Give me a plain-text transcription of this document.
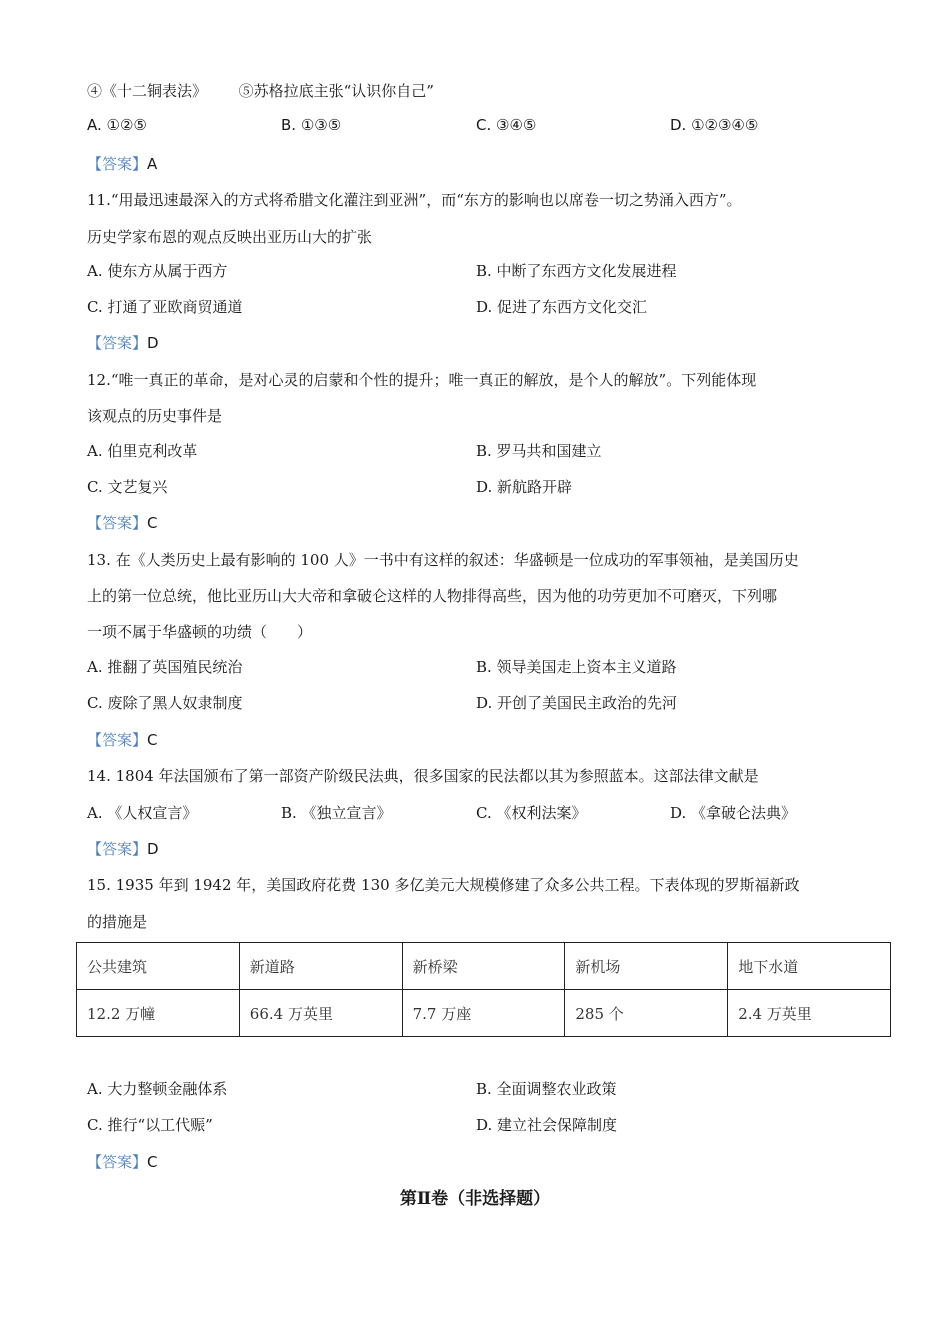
④《十二铜表法》 ⑤苏格拉底主张“认识你自己”
A. ①②⑤	B. ①③⑤	C. ③④⑤	D. ①②③④⑤
【答案】A
11.“用最迅速最深入的方式将希腊文化灌注到亚洲”，而“东方的影响也以席卷一切之势涌入西方”。
历史学家布恩的观点反映出亚历山大的扩张
A. 使东方从属于西方	B. 中断了东西方文化发展进程
C. 打通了亚欧商贸通道	D. 促进了东西方文化交汇
【答案】D
12.“唯一真正的革命，是对心灵的启蒙和个性的提升；唯一真正的解放，是个人的解放”。下列能体现
该观点的历史事件是
A. 伯里克利改革	B. 罗马共和国建立
C. 文艺复兴	D. 新航路开辟
【答案】C
13. 在《人类历史上最有影响的 100 人》一书中有这样的叙述：华盛顿是一位成功的军事领袖，是美国历史
上的第一位总统，他比亚历山大大帝和拿破仑这样的人物排得高些，因为他的功劳更加不可磨灭，下列哪
一项不属于华盛顿的功绩（　　）
A. 推翻了英国殖民统治	B. 领导美国走上资本主义道路
C. 废除了黑人奴隶制度	D. 开创了美国民主政治的先河
【答案】C
14. 1804 年法国颁布了第一部资产阶级民法典，很多国家的民法都以其为参照蓝本。这部法律文献是
A. 《人权宣言》	B. 《独立宣言》	C. 《权利法案》	D. 《拿破仑法典》
【答案】D
15. 1935 年到 1942 年，美国政府花费 130 多亿美元大规模修建了众多公共工程。下表体现的罗斯福新政
的措施是
公共建筑	新道路	新桥梁	新机场	地下水道
12.2 万幢	66.4 万英里	7.7 万座	285 个	2.4 万英里
A. 大力整顿金融体系	B. 全面调整农业政策
C. 推行“以工代赈”	D. 建立社会保障制度
【答案】C
第Ⅱ卷（非选择题）
